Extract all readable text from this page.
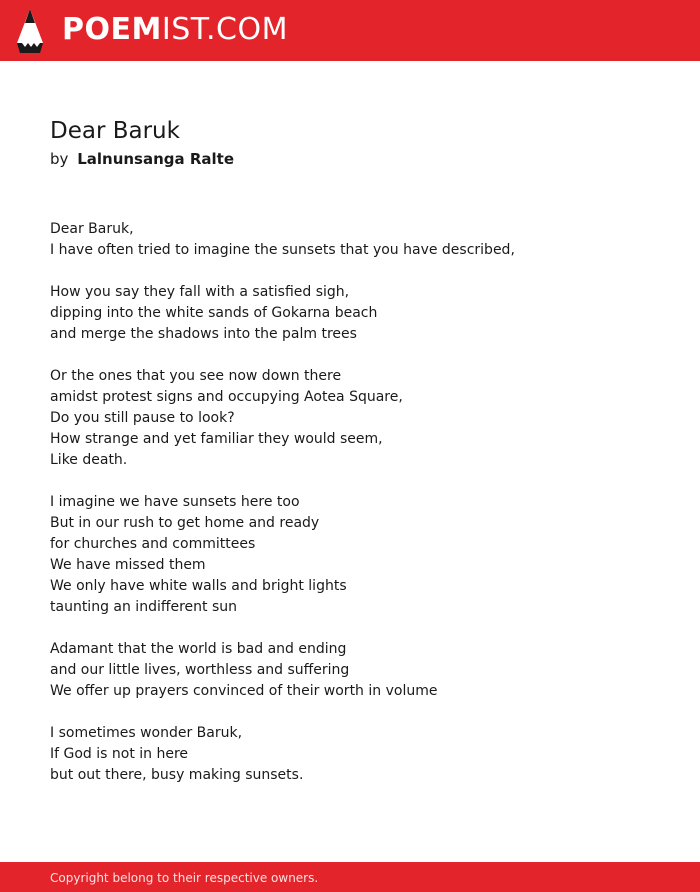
POEMIST.COM
Dear Baruk
by Lalnunsanga Ralte
Dear Baruk,
I have often tried to imagine the sunsets that you have described,
How you say they fall with a satisfied sigh,
dipping into the white sands of Gokarna beach
and merge the shadows into the palm trees
Or the ones that you see now down there
amidst protest signs and occupying Aotea Square,
Do you still pause to look?
How strange and yet familiar they would seem,
Like death.
I imagine we have sunsets here too
But in our rush to get home and ready
for churches and committees
We have missed them
We only have white walls and bright lights
taunting an indifferent sun
Adamant that the world is bad and ending
and our little lives, worthless and suffering
We offer up prayers convinced of their worth in volume
I sometimes wonder Baruk,
If God is not in here
but out there, busy making sunsets.
Copyright belong to their respective owners.
